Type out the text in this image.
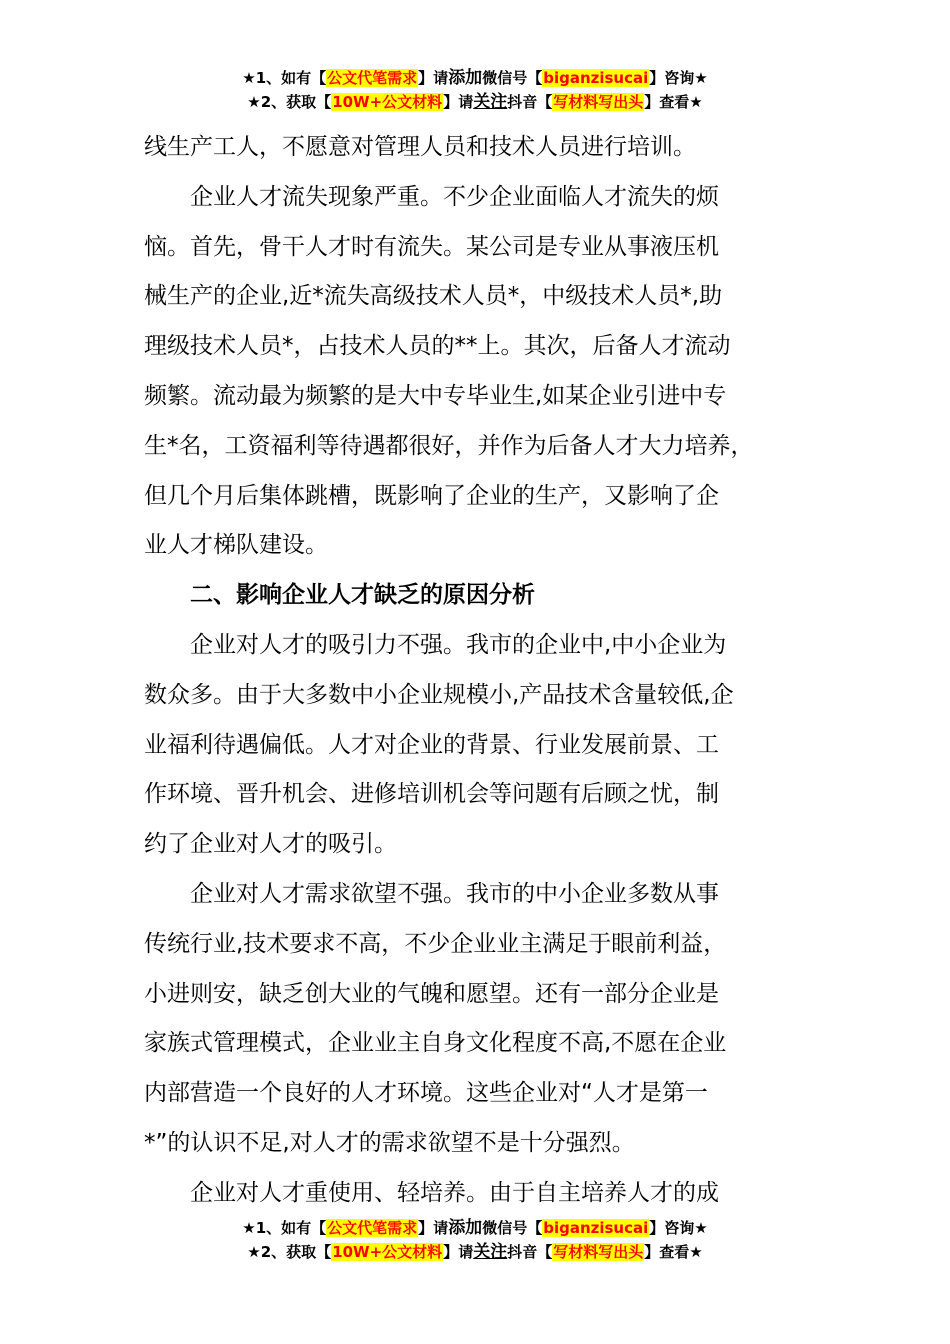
★1、如有【公文代笔需求】请添加微信号【biganzisucai】咨询★
★2、获取【10W+公文材料】请关注抖音【写材料写出头】查看★

线生产工人，不愿意对管理人员和技术人员进行培训。

　　企业人才流失现象严重。不少企业面临人才流失的烦

恼。首先，骨干人才时有流失。某公司是专业从事液压机

械生产的企业,近*流失高级技术人员*，中级技术人员*,助

理级技术人员*，占技术人员的**上。其次，后备人才流动

频繁。流动最为频繁的是大中专毕业生,如某企业引进中专

生*名，工资福利等待遇都很好，并作为后备人才大力培养，

但几个月后集体跳槽，既影响了企业的生产，又影响了企

业人才梯队建设。

　　二、影响企业人才缺乏的原因分析

　　企业对人才的吸引力不强。我市的企业中,中小企业为

数众多。由于大多数中小企业规模小,产品技术含量较低,企

业福利待遇偏低。人才对企业的背景、行业发展前景、工

作环境、晋升机会、进修培训机会等问题有后顾之忧，制

约了企业对人才的吸引。

　　企业对人才需求欲望不强。我市的中小企业多数从事

传统行业,技术要求不高，不少企业业主满足于眼前利益，

小进则安，缺乏创大业的气魄和愿望。还有一部分企业是

家族式管理模式，企业业主自身文化程度不高,不愿在企业

内部营造一个良好的人才环境。这些企业对“人才是第一

*”的认识不足,对人才的需求欲望不是十分强烈。

　　企业对人才重使用、轻培养。由于自主培养人才的成

★1、如有【公文代笔需求】请添加微信号【biganzisucai】咨询★
★2、获取【10W+公文材料】请关注抖音【写材料写出头】查看★
